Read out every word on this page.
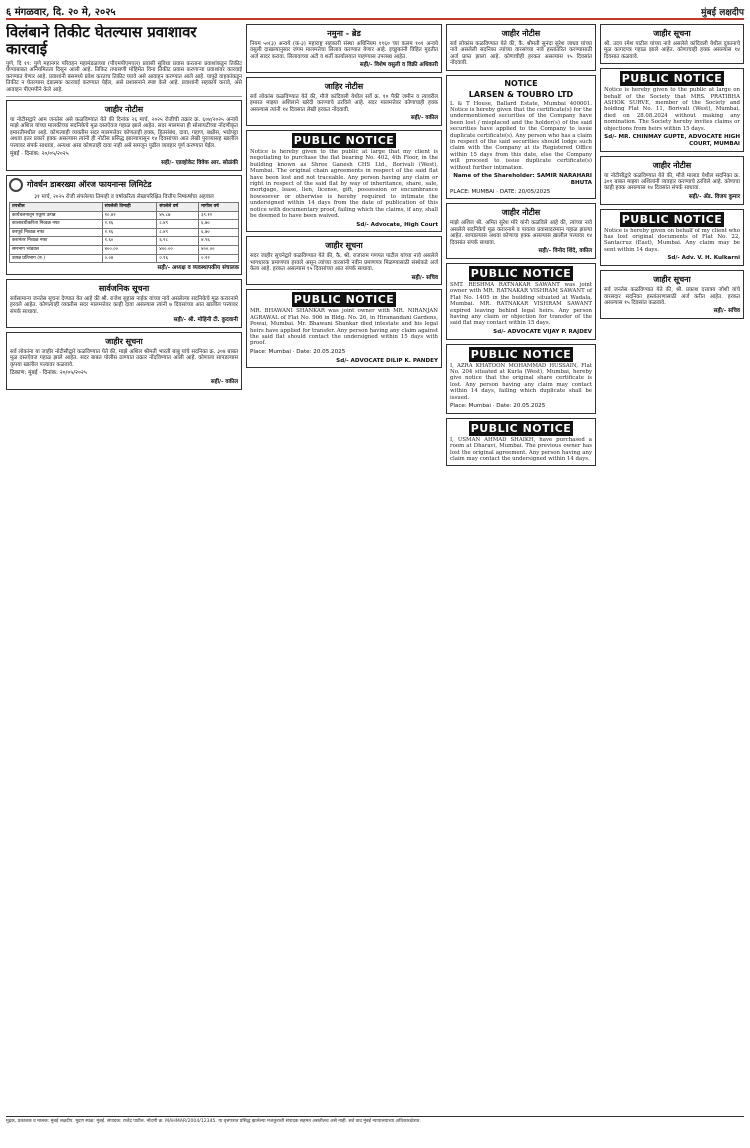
६ मंगळवार, दि. २० मे, २०२५	मुंबई लक्षदीप
विलंबाने तिकीट घेतल्यास प्रवाशावर कारवाई
पुणे, दि १९: पुणे महानगर परिवहन महामंडळाच्या (पीएमपीएमएल) प्रवासी सुविधा प्रवास करताना प्रवाशांकडून तिकीट घेण्याबाबत अनियमितता दिसून आली आहे. तिकिट तपासणी मोहिमेत विना तिकीट प्रवास करणाऱ्या प्रवाशांवर कारवाई करण्यात येणार आहे. प्रवाशांनी बसमध्ये प्रवेश करताच तिकीट घ्यावे असे आवाहन करण्यात आले आहे. यापुढे वाहकांकडून तिकीट न घेतल्यास दंडात्मक कारवाई करण्यात येईल, असे प्रशासनाने स्पष्ट केले आहे. प्रवाशांनी सहकार्य करावे, असे आवाहन पीएमपीने केले आहे.
जाहीर नोटीस
या नोटीसद्वारे आम जनतेस असे कळविण्यात येते की दिनांक २६ मार्च, २०२५ रोजीची तक्रार क्र. ६०४/२०२५ अन्वये माझे अशिल यांच्या मालकीच्या सदनिकेचे मूळ दस्तऐवज गहाळ झाले आहेत. सदर मालमत्ता ही सोसायटीच्या नोंदणीकृत इमारतीमधील आहे. कोणत्याही व्यक्तीस सदर मालमत्तेवर कोणताही हक्क, हितसंबंध, दावा, गहाण, बक्षीस, भाडेपट्टा अथवा इतर प्रकारे हक्क असल्यास त्यांनी ही नोटीस प्रसिद्ध झाल्यापासून १४ दिवसांच्या आत लेखी पुराव्यासह खालील पत्त्यावर संपर्क साधावा, अन्यथा असा कोणताही दावा नाही असे समजून पुढील व्यवहार पूर्ण करण्यात येईल.
मुंबई · दिनांक: २०/०५/२०२५
सही/- एडव्होकेट विवेक आर. सोळंकी
गोवर्धन डाबरख्या ऑरज फायनान्स लिमिटेड
३१ मार्च, २०२५ रोजी संपलेल्या तिमाही व वर्षाकरिता लेखापरिक्षित वित्तीय निष्कर्षाचा अहवाल
तपशील	संपलेली तिमाही	संपलेले वर्ष	मागील वर्ष
कार्यचलनातून एकूण उत्पन्न	१०.४२	४५.८७	३९.१२
कालावधीकरिता निव्वळ नफा	२.१६	८.४९	६.७०
करपूर्व निव्वळ नफा	२.१६	८.४९	६.७०
करानंतर निव्वळ नफा	१.६०	६.२८	४.९६
समभाग भांडवल	४००.००	४००.००	४००.००
उत्पन्न प्रतिभाग (रु.)	०.०४	०.१६	०.१२
सही/- अध्यक्ष व व्यवस्थापकीय संचालक
सार्वजनिक सूचना
सर्वसामान्य जनतेस सूचना देण्यात येत आहे की श्री. राजेश सुहास नाईक यांच्या नावे असलेल्या सदनिकेचे मूळ करारनामे हरवले आहेत. कोणत्याही व्यक्तीस सदर मालमत्तेवर काही दावा असल्यास त्यांनी ७ दिवसांच्या आत खालील पत्त्यावर संपर्क साधावा.
सही/- श्री. मोहिनी टी. कुदवानी
जाहीर सूचना
सर्व लोकांना या जाहीर नोटीसीद्वारे कळविण्यात येते की, माझे अशिल श्रीमती भारती बाबु यांचे सदनिका क्र. ३०४ बाबत मूळ दस्तऐवज गहाळ झाले आहेत. सदर बाबत पोलीस ठाण्यात तक्रार नोंदविण्यात आली आहे. कोणाला सापडल्यास कृपया खालील पत्त्यावर कळवावे.
ठिकाण: मुंबई · दिनांक: २०/०५/२०२५
सही/- वकील
नमुना - ब्रेड
नियम ५०(३) अन्वये (क-३) महाराष्ट्र सहकारी संस्था अधिनियम १९६० च्या कलम १०१ अन्वये वसुली दाखल्यानुसार जंगम मालमत्तेचा लिलाव करण्यात येणार आहे. इच्छुकांनी विहित मुदतीत अर्ज सादर करावा. लिलावाच्या अटी व शर्ती कार्यालयात पाहण्यास उपलब्ध आहेत.
सही/- विशेष वसुली व विक्री अधिकारी
जाहिर नोटीस
सर्व लोकांस कळविण्यात येते की, मौजे कांदिवली येथील सर्वे क्र. १० पैकी जमीन व त्यावरील इमारत माझ्या अशिलाने खरेदी करण्याचे ठरविले आहे. सदर मालमत्तेवर कोणाचाही हक्क असल्यास त्यांनी १४ दिवसात लेखी हरकत नोंदवावी.
सही/- वकील
PUBLIC NOTICE
Notice is hereby given to the public at large that my client is negotiating to purchase the flat bearing No. 402, 4th Floor, in the building known as Shree Ganesh CHS Ltd., Borivali (West), Mumbai. The original chain agreements in respect of the said flat have been lost and not traceable. Any person having any claim or right in respect of the said flat by way of inheritance, share, sale, mortgage, lease, lien, license, gift, possession or encumbrance howsoever or otherwise is hereby required to intimate the undersigned within 14 days from the date of publication of this notice with documentary proof, failing which the claims, if any, shall be deemed to have been waived.
Sd/- Advocate, High Court
जाहीर सूचना
सदर जाहीर सूचनेद्वारे कळविण्यात येते की, कै. श्री. राजाराम गणपत पाटील यांच्या नावे असलेले भागधारक प्रमाणपत्र हरवले असून त्यांच्या वारसांनी नवीन प्रमाणपत्र मिळण्यासाठी संस्थेकडे अर्ज केला आहे. हरकत असल्यास १५ दिवसांच्या आत संपर्क साधावा.
सही/- सचिव
PUBLIC NOTICE
MR. BHAWANI SHANKAR was joint owner with MR. NIRANJAN AGRAWAL of Flat No. 906 in Bldg. No. 26, in Hiranandani Gardens, Powai, Mumbai. Mr. Bhawani Shankar died intestate and his legal heirs have applied for transfer. Any person having any claim against the said flat should contact the undersigned within 15 days with proof.
Place: Mumbai · Date: 20.05.2025
Sd/- ADVOCATE DILIP K. PANDEY
जाहीर नोटीस
सर्व लोकांस कळविण्यात येते की, कै. श्रीमती सुनंदा सुरेश जाधव यांच्या नावे असलेली सदनिका त्यांच्या वारसांच्या नावे हस्तांतरित करण्यासाठी अर्ज प्राप्त झाला आहे. कोणाचीही हरकत असल्यास १५ दिवसांत नोंदवावी.
NOTICE
LARSEN & TOUBRO LTD
L & T House, Ballard Estate, Mumbai 400001. Notice is hereby given that the certificate(s) for the undermentioned securities of the Company have been lost / misplaced and the holder(s) of the said securities have applied to the Company to issue duplicate certificate(s). Any person who has a claim in respect of the said securities should lodge such claim with the Company at its Registered Office within 15 days from this date, else the Company will proceed to issue duplicate certificate(s) without further intimation.
Name of the Shareholder: SAMIR NARAHARI BHUTA
PLACE: MUMBAI · DATE: 20/05/2025
जाहीर नोटीस
माझे अशिल श्री. अमित सुरेश मोरे यांनी कळविले आहे की, त्यांच्या नावे असलेले सदनिकेचे मूळ करारनामे व पावत्या प्रवासादरम्यान गहाळ झाल्या आहेत. सापडल्यास अथवा कोणाचा हक्क असल्यास खालील पत्त्यावर १४ दिवसांत संपर्क साधावा.
सही/- विनोद शिंदे, वकील
PUBLIC NOTICE
SMT. RESHMA RATNAKAR SAWANT was joint owner with MR. RATNAKAR VISHRAM SAWANT of Flat No. 1405 in the building situated at Wadala, Mumbai. MR. RATNAKAR VISHRAM SAWANT expired leaving behind legal heirs. Any person having any claim or objection for transfer of the said flat may contact within 15 days.
Sd/- ADVOCATE VIJAY P. RAJDEV
PUBLIC NOTICE
I, AZRA KHATOON MOHAMMAD HUSSAIN, Flat No. 204 situated at Kurla (West), Mumbai, hereby give notice that the original share certificate is lost. Any person having any claim may contact within 14 days, failing which duplicate shall be issued.
Place: Mumbai · Date: 20.05.2025
PUBLIC NOTICE
I, USMAN AHMAD SHAIKH, have purchased a room at Dharavi, Mumbai. The previous owner has lost the original agreement. Any person having any claim may contact the undersigned within 14 days.
जाहीर सूचना
श्री. उदय रमेश पाटील यांच्या नावे असलेले कांदिवली येथील दुकानाचे मूळ कागदपत्र गहाळ झाले आहेत. कोणाचाही हक्क असल्यास १४ दिवसात कळवावे.
PUBLIC NOTICE
Notice is hereby given to the public at large on behalf of the Society that MRS. PRATIBHA ASHOK SURVE, member of the Society and holding Flat No. 11, Borivali (West), Mumbai, died on 28.08.2024 without making any nomination. The Society hereby invites claims or objections from heirs within 15 days.
Sd/- MR. CHINMAY GUPTE, ADVOCATE HIGH COURT, MUMBAI
जाहीर नोटीस
या नोटीसीद्वारे कळविण्यात येते की, मौजे मालाड येथील सदनिका क्र. ३०१ बाबत माझ्या अशिलांनी व्यवहार करण्याचे ठरविले आहे. कोणाचा काही हक्क असल्यास १४ दिवसांत संपर्क साधावा.
सही/- ॲड. विजय कुमार
PUBLIC NOTICE
Notice is hereby given on behalf of my client who has lost original documents of Flat No. 22, Santacruz (East), Mumbai. Any claim may be sent within 14 days.
Sd/- Adv. V. H. Kulkarni
जाहीर सूचना
सर्व जनतेस कळविण्यात येते की, श्री. प्रकाश दत्तात्रय जोशी यांचे वारसदार सदनिका हस्तांतरणासाठी अर्ज करीत आहेत. हरकत असल्यास १५ दिवसांत कळवावे.
सही/- सचिव
मुद्रक, प्रकाशक व मालक: मुंबई लक्षदीप. मुद्रण स्थळ: मुंबई. संपादक: राजेंद्र पाटील. नोंदणी क्र. MAHMAR/2004/12345. या वृत्तपत्रात प्रसिद्ध झालेल्या मजकुराशी संपादक सहमत असतीलच असे नाही. सर्व वाद मुंबई न्यायालयाच्या अधिकारक्षेत्रात.
